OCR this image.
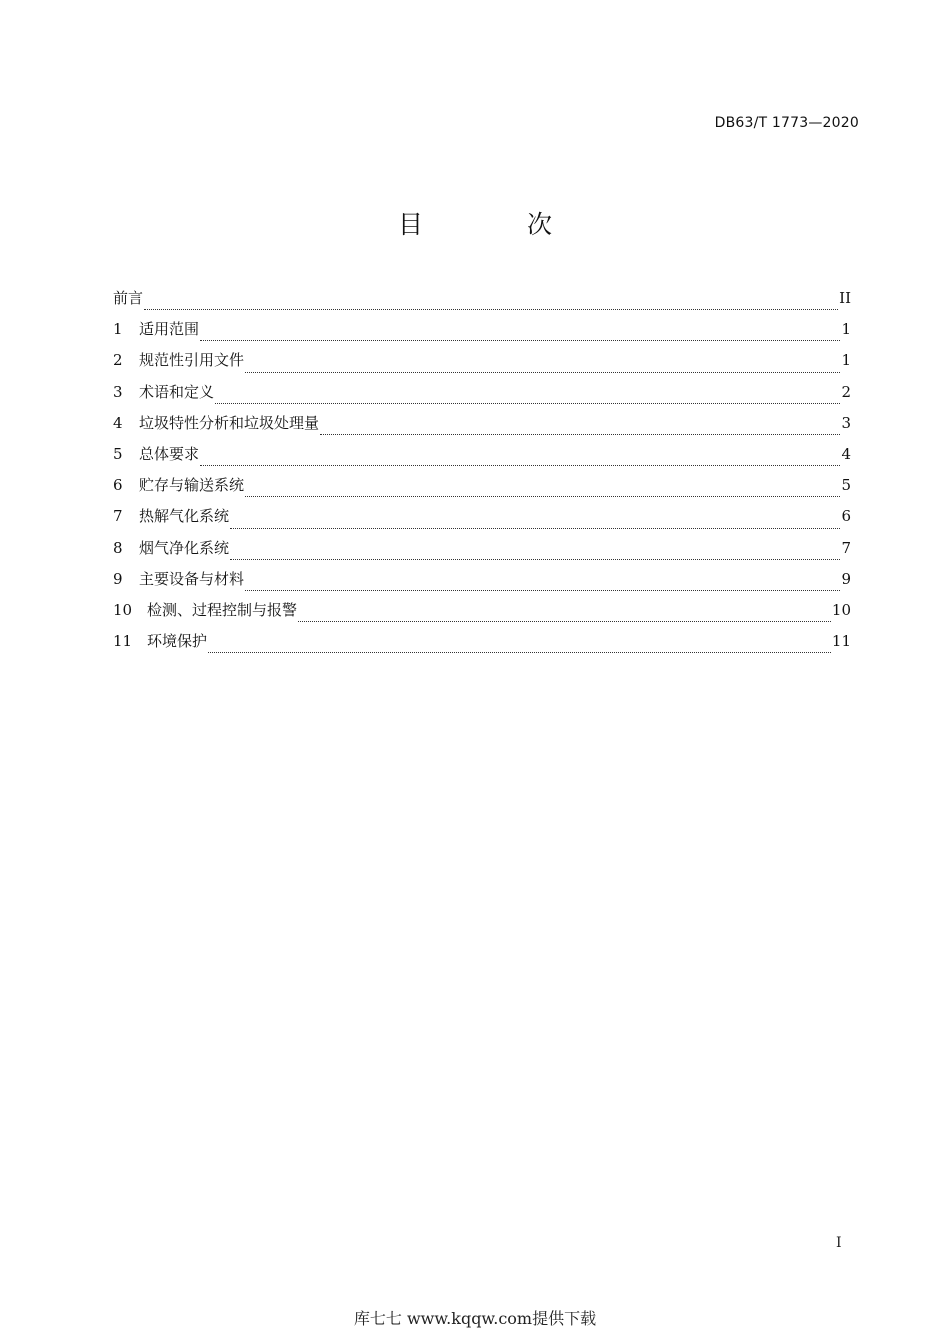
DB63/T 1773—2020
目 次
前言	II
1	适用范围	1
2	规范性引用文件	1
3	术语和定义	2
4	垃圾特性分析和垃圾处理量	3
5	总体要求	4
6	贮存与输送系统	5
7	热解气化系统	6
8	烟气净化系统	7
9	主要设备与材料	9
10 检测、过程控制与报警	10
11 环境保护	11
I
库七七 www.kqqw.com提供下载
